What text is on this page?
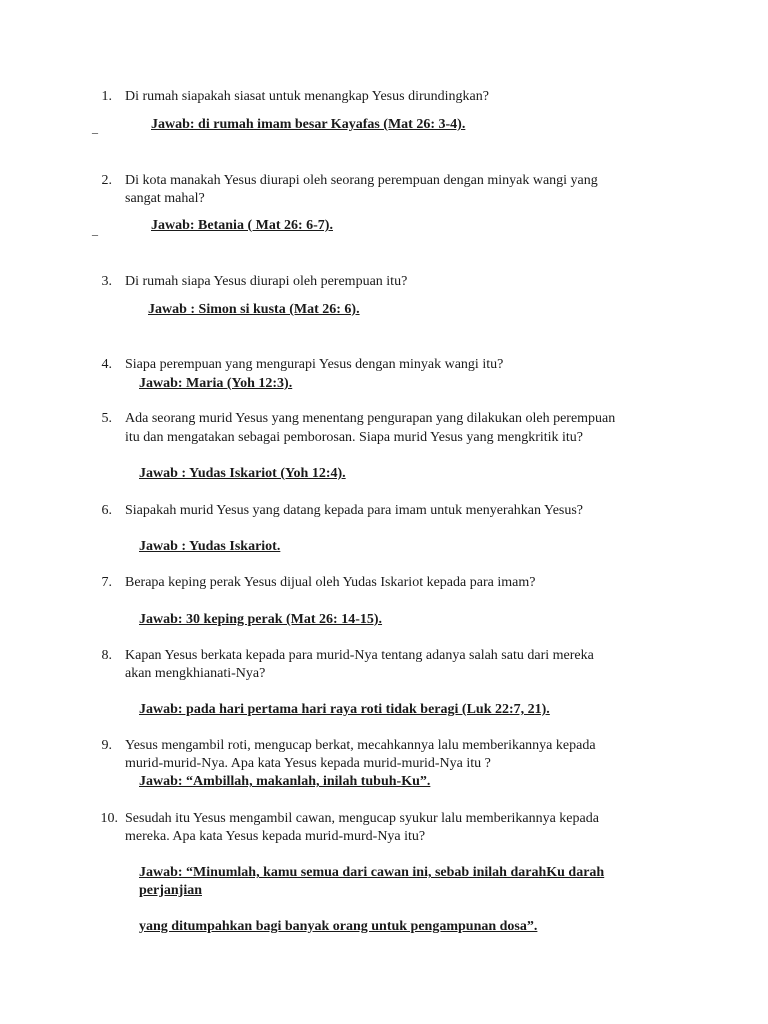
1. Di rumah siapakah siasat untuk menangkap Yesus dirundingkan?
_	Jawab: di rumah imam besar Kayafas (Mat 26: 3-4).
2. Di kota manakah Yesus diurapi oleh seorang perempuan dengan minyak wangi yang
sangat mahal?
_	Jawab: Betania ( Mat 26: 6-7).
3. Di rumah siapa Yesus diurapi oleh perempuan itu?
Jawab : Simon si kusta (Mat 26: 6).
4. Siapa perempuan yang mengurapi Yesus dengan minyak wangi itu?
Jawab: Maria (Yoh 12:3).
5. Ada seorang murid Yesus yang menentang pengurapan yang dilakukan oleh perempuan
itu dan mengatakan sebagai pemborosan. Siapa murid Yesus yang mengkritik itu?
Jawab : Yudas Iskariot (Yoh 12:4).
6. Siapakah murid Yesus yang datang kepada para imam untuk menyerahkan Yesus?
Jawab : Yudas Iskariot.
7. Berapa keping perak Yesus dijual oleh Yudas Iskariot kepada para imam?
Jawab: 30 keping perak (Mat 26: 14-15).
8. Kapan Yesus berkata kepada para murid-Nya tentang adanya salah satu dari mereka
akan mengkhianati-Nya?
Jawab: pada hari pertama hari raya roti tidak beragi (Luk 22:7, 21).
9. Yesus mengambil roti, mengucap berkat, mecahkannya lalu memberikannya kepada
murid-murid-Nya. Apa kata Yesus kepada murid-murid-Nya itu ?
Jawab: “Ambillah, makanlah, inilah tubuh-Ku”.
10. Sesudah itu Yesus mengambil cawan, mengucap syukur lalu memberikannya kepada
mereka. Apa kata Yesus kepada murid-murd-Nya itu?
Jawab: “Minumlah, kamu semua dari cawan ini, sebab inilah darahKu darah
perjanjian
yang ditumpahkan bagi banyak orang untuk pengampunan dosa”.
